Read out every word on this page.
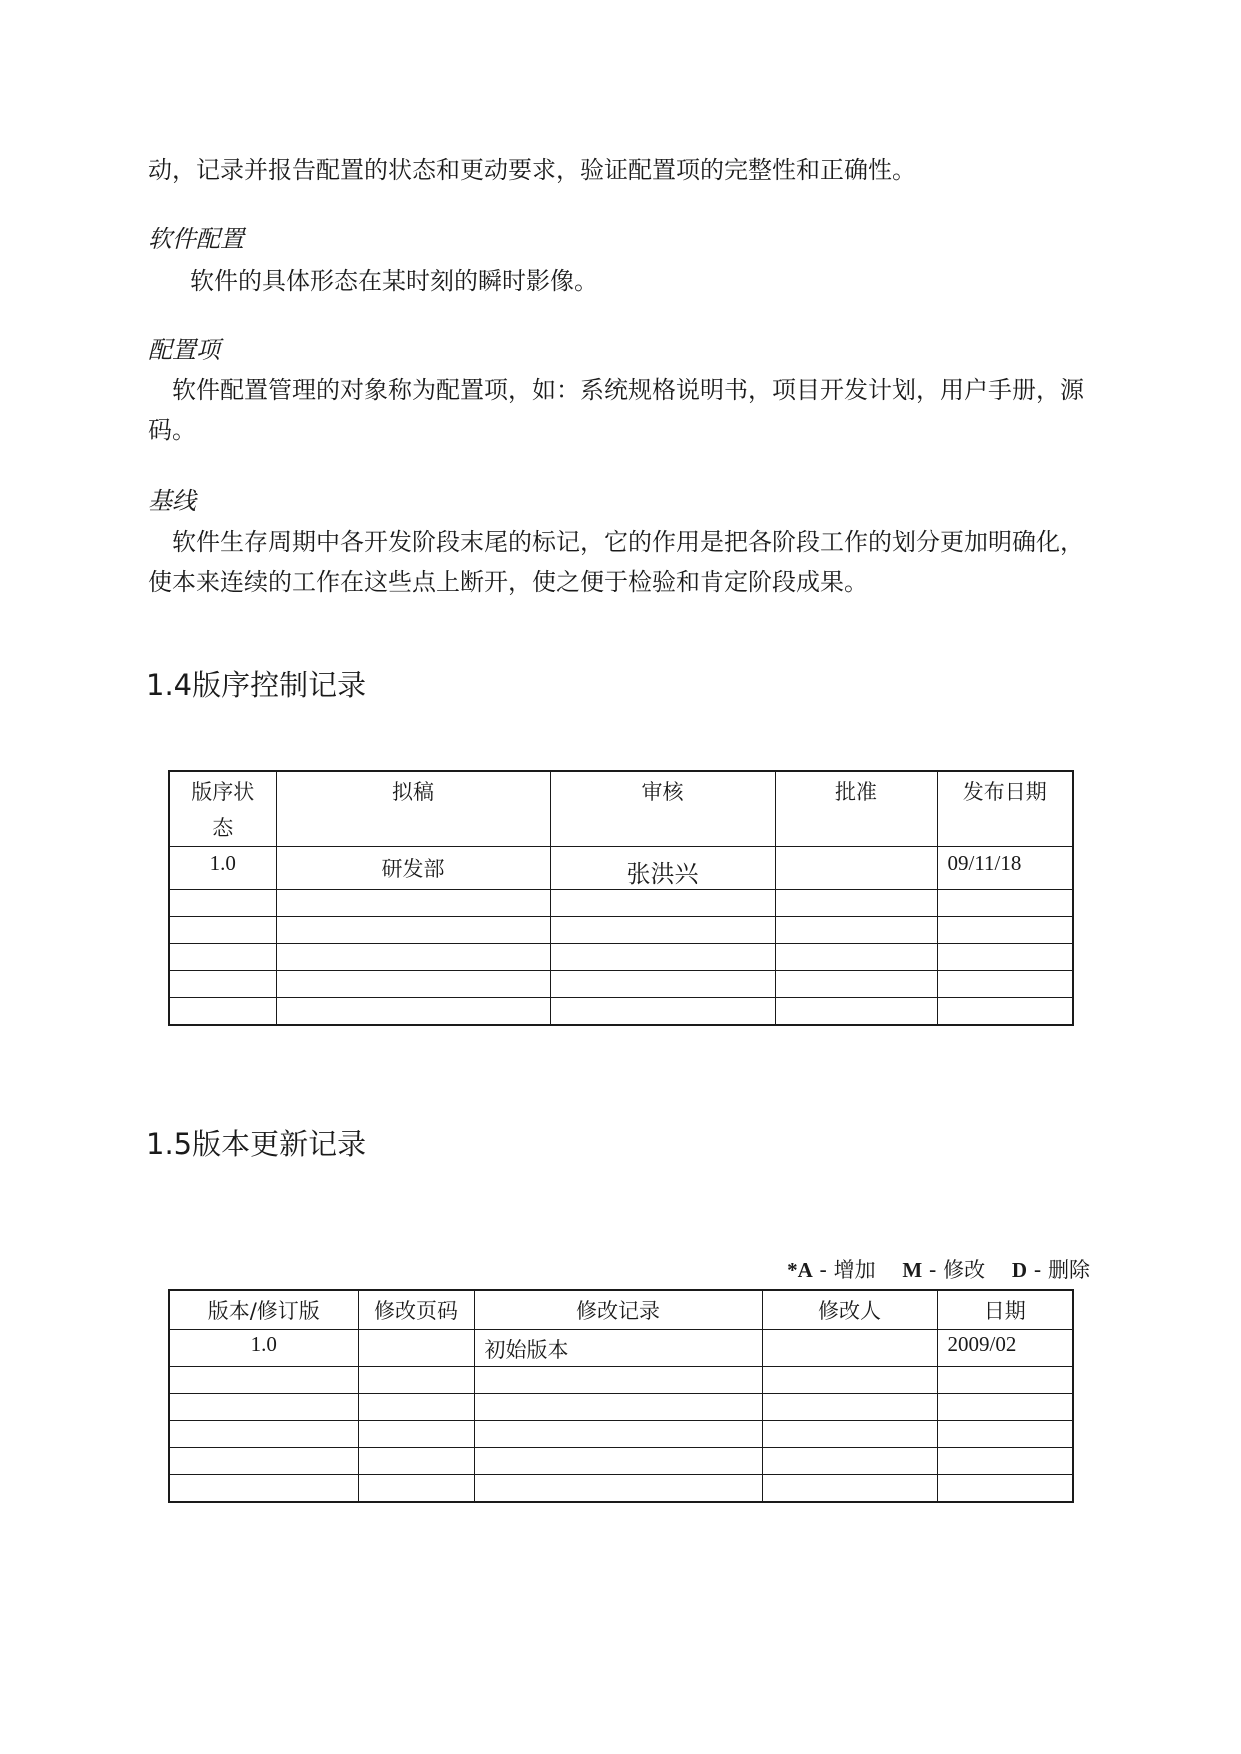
动，记录并报告配置的状态和更动要求，验证配置项的完整性和正确性。

软件配置

软件的具体形态在某时刻的瞬时影像。

配置项

软件配置管理的对象称为配置项，如：系统规格说明书，项目开发计划，用户手册，源码。

基线

软件生存周期中各开发阶段末尾的标记，它的作用是把各阶段工作的划分更加明确化，使本来连续的工作在这些点上断开，使之便于检验和肯定阶段成果。

1.4版序控制记录
版序状态	拟稿	审核	批准	发布日期
1.0	研发部	张洪兴		09/11/18

1.5版本更新记录
*A - 增加 M - 修改 D - 删除
版本/修订版	修改页码	修改记录	修改人	日期
1.0		初始版本		2009/02
